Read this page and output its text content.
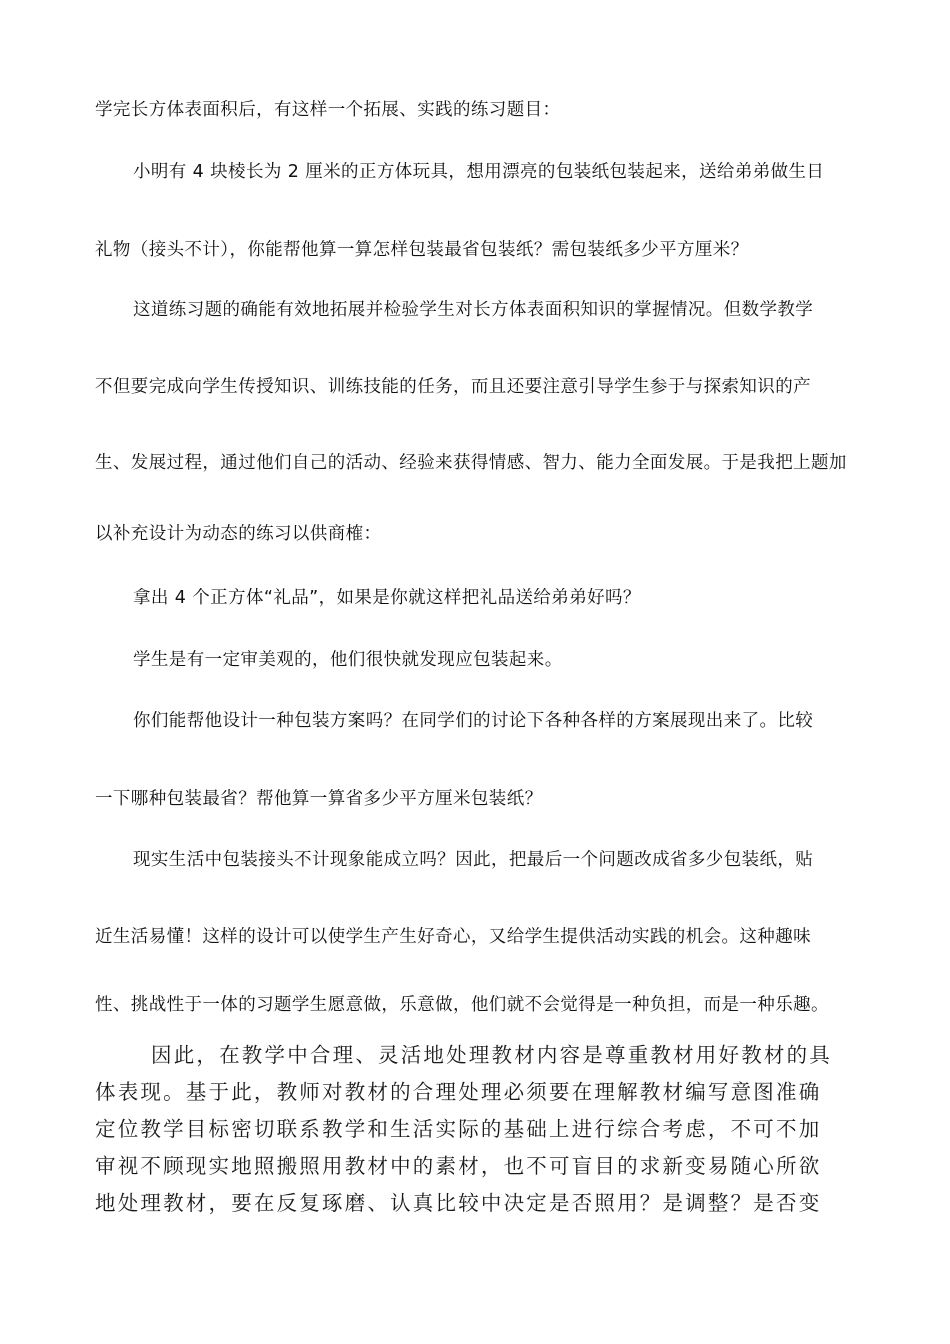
学完长方体表面积后，有这样一个拓展、实践的练习题目：
小明有 4 块棱长为 2 厘米的正方体玩具，想用漂亮的包装纸包装起来，送给弟弟做生日
礼物（接头不计），你能帮他算一算怎样包装最省包装纸？需包装纸多少平方厘米？
这道练习题的确能有效地拓展并检验学生对长方体表面积知识的掌握情况。但数学教学
不但要完成向学生传授知识、训练技能的任务，而且还要注意引导学生参于与探索知识的产
生、发展过程，通过他们自己的活动、经验来获得情感、智力、能力全面发展。于是我把上题加
以补充设计为动态的练习以供商榷：
拿出 4 个正方体“礼品”，如果是你就这样把礼品送给弟弟好吗？
学生是有一定审美观的，他们很快就发现应包装起来。
你们能帮他设计一种包装方案吗？在同学们的讨论下各种各样的方案展现出来了。比较
一下哪种包装最省？帮他算一算省多少平方厘米包装纸？
现实生活中包装接头不计现象能成立吗？因此，把最后一个问题改成省多少包装纸，贴
近生活易懂！这样的设计可以使学生产生好奇心，又给学生提供活动实践的机会。这种趣味
性、挑战性于一体的习题学生愿意做，乐意做，他们就不会觉得是一种负担，而是一种乐趣。
因此，在教学中合理、灵活地处理教材内容是尊重教材用好教材的具
体表现。基于此，教师对教材的合理处理必须要在理解教材编写意图准确
定位教学目标密切联系教学和生活实际的基础上进行综合考虑，不可不加
审视不顾现实地照搬照用教材中的素材，也不可盲目的求新变易随心所欲
地处理教材，要在反复琢磨、认真比较中决定是否照用？是调整？是否变
